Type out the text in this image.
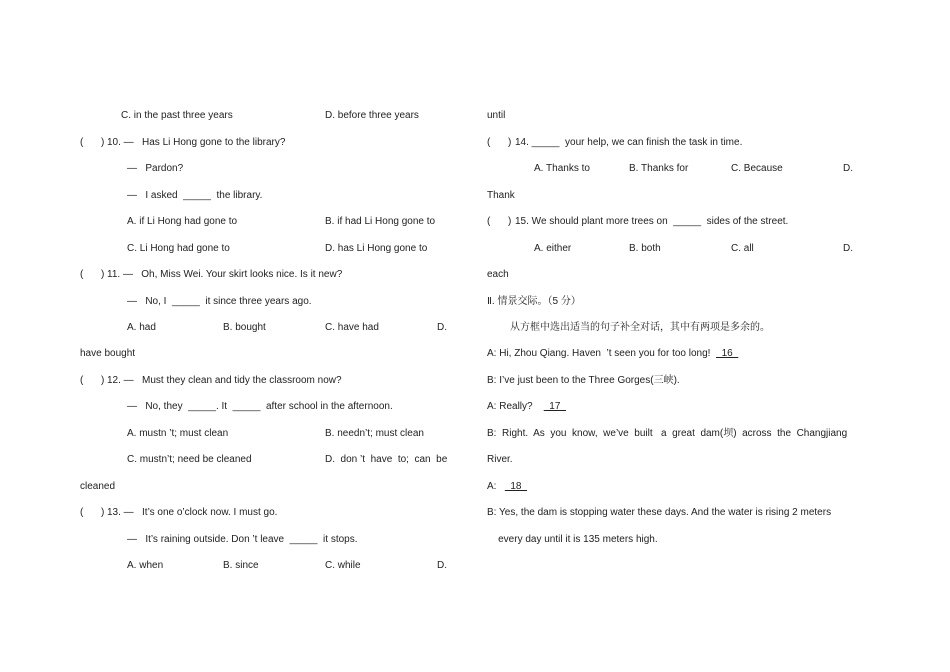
C. in the past three years	D. before three years
( ) 10. —   Has Li Hong gone to the library?
—   Pardon?
—   I asked  _____  the library.
A. if Li Hong had gone to	B. if had Li Hong gone to
C. Li Hong had gone to	D. has Li Hong gone to
( ) 11. —   Oh, Miss Wei. Your skirt looks nice. Is it new?
—   No, I  _____  it since three years ago.
A. had	B. bought	C. have had	D.
have bought
( ) 12. —   Must they clean and tidy the classroom now?
—   No, they  _____. It  _____  after school in the afternoon.
A. mustn ’t; must clean	B. needn’t; must clean
C. mustn’t; need be cleaned	D.  don ’t  have  to;  can  be
cleaned
( ) 13. —   It’s one o’clock now. I must go.
—   It’s raining outside. Don ’t leave  _____  it stops.
A. when	B. since	C. while	D.
until
( ) 14. _____  your help, we can finish the task in time.
A. Thanks to	B. Thanks for	C. Because	D.
Thank
( ) 15. We should plant more trees on  _____  sides of the street.
A. either	B. both	C. all	D.
each
Ⅱ. 情景交际。（5 分）
从方框中选出适当的句子补全对话，其中有两项是多余的。
A: Hi, Zhou Qiang. Haven  ’t seen you for too long!    16
B: I’ve just been to the Three Gorges(三峡).
A: Really?      17
B:  Right.  As  you  know,  we’ve  built   a  great  dam(坝)  across  the  Changjiang
River.
A:     18
B: Yes, the dam is stopping water these days. And the water is rising 2 meters
every day until it is 135 meters high.
